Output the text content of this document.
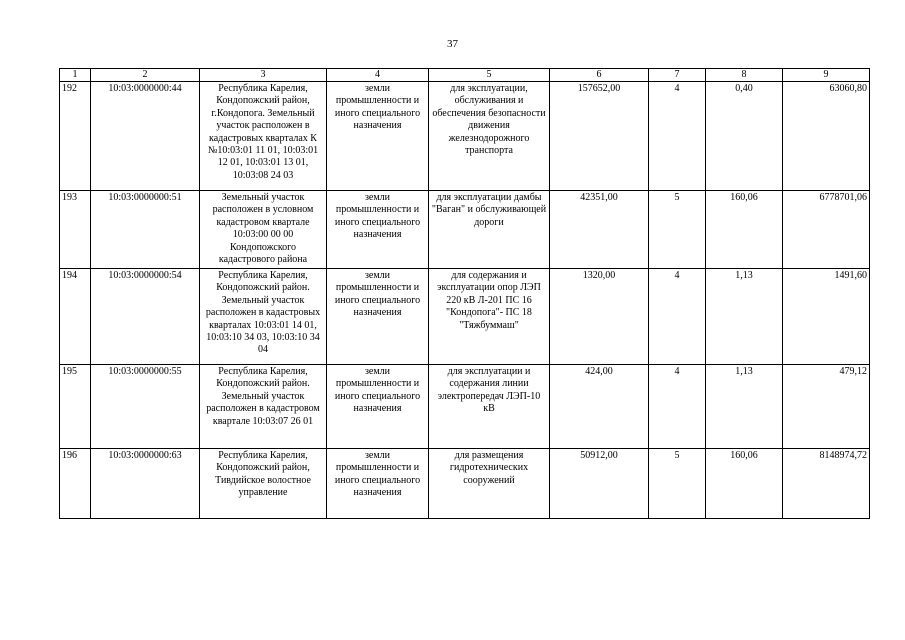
37
1	2	3	4	5	6	7	8	9
192	10:03:0000000:44	Республика Карелия, Кондопожский район, г.Кондопога. Земельный участок расположен в кадастровых кварталах К №10:03:01 11 01, 10:03:01 12 01, 10:03:01 13 01, 10:03:08 24 03	земли промышленности и иного специального назначения	для эксплуатации, обслуживания и обеспечения безопасности движения железнодорожного транспорта	157652,00	4	0,40	63060,80
193	10:03:0000000:51	Земельный участок расположен в условном кадастровом квартале 10:03:00 00 00 Кондопожского кадастрового района	земли промышленности и иного специального назначения	для эксплуатации дамбы "Ваган" и обслуживающей дороги	42351,00	5	160,06	6778701,06
194	10:03:0000000:54	Республика Карелия, Кондопожский район. Земельный участок расположен в кадастровых кварталах 10:03:01 14 01, 10:03:10 34 03, 10:03:10 34 04	земли промышленности и иного специального назначения	для содержания и эксплуатации опор ЛЭП 220 кВ Л-201 ПС 16 "Кондопога"- ПС 18 "Тяжбуммаш"	1320,00	4	1,13	1491,60
195	10:03:0000000:55	Республика Карелия, Кондопожский район. Земельный участок расположен в кадастровом квартале 10:03:07 26 01	земли промышленности и иного специального назначения	для эксплуатации и содержания линии электропередач ЛЭП-10 кВ	424,00	4	1,13	479,12
196	10:03:0000000:63	Республика Карелия, Кондопожский район, Тивдийское волостное управление	земли промышленности и иного специального назначения	для размещения гидротехнических сооружений	50912,00	5	160,06	8148974,72
